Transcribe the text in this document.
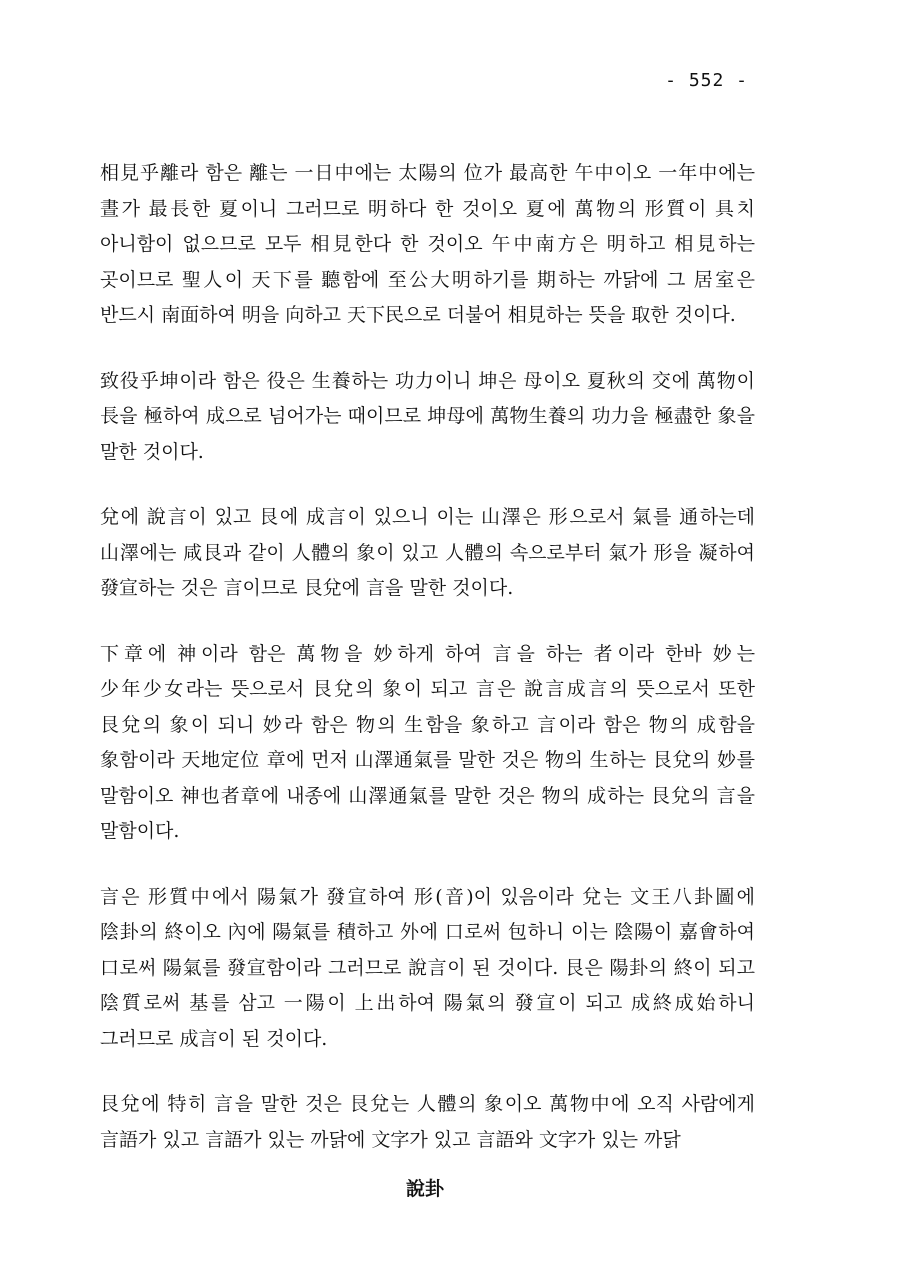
- 552 -

相見乎離라 함은 離는 一日中에는 太陽의 位가 最高한 午中이오 一年中에는 晝가 最長한 夏이니 그러므로 明하다 한 것이오 夏에 萬物의 形質이 具치 아니함이 없으므로 모두 相見한다 한 것이오 午中南方은 明하고 相見하는 곳이므로 聖人이 天下를 聽함에 至公大明하기를 期하는 까닭에 그 居室은 반드시 南面하여 明을 向하고 天下民으로 더불어 相見하는 뜻을 取한 것이다.

致役乎坤이라 함은 役은 生養하는 功力이니 坤은 母이오 夏秋의 交에 萬物이 長을 極하여 成으로 넘어가는 때이므로 坤母에 萬物生養의 功力을 極盡한 象을 말한 것이다.

兌에 說言이 있고 艮에 成言이 있으니 이는 山澤은 形으로서 氣를 通하는데 山澤에는 咸艮과 같이 人體의 象이 있고 人體의 속으로부터 氣가 形을 凝하여 發宣하는 것은 言이므로 艮兌에 言을 말한 것이다.

下章에 神이라 함은 萬物을 妙하게 하여 言을 하는 者이라 한바 妙는 少年少女라는 뜻으로서 艮兌의 象이 되고 言은 說言成言의 뜻으로서 또한 艮兌의 象이 되니 妙라 함은 物의 生함을 象하고 言이라 함은 物의 成함을 象함이라 天地定位 章에 먼저 山澤通氣를 말한 것은 物의 生하는 艮兌의 妙를 말함이오 神也者章에 내종에 山澤通氣를 말한 것은 物의 成하는 艮兌의 言을 말함이다.

言은 形質中에서 陽氣가 發宣하여 形(音)이 있음이라 兌는 文王八卦圖에 陰卦의 終이오 內에 陽氣를 積하고 外에 口로써 包하니 이는 陰陽이 嘉會하여 口로써 陽氣를 發宣함이라 그러므로 說言이 된 것이다. 艮은 陽卦의 終이 되고 陰質로써 基를 삼고 一陽이 上出하여 陽氣의 發宣이 되고 成終成始하니 그러므로 成言이 된 것이다.

艮兌에 特히 言을 말한 것은 艮兌는 人體의 象이오 萬物中에 오직 사람에게 言語가 있고 言語가 있는 까닭에 文字가 있고 言語와 文字가 있는 까닭

說卦
